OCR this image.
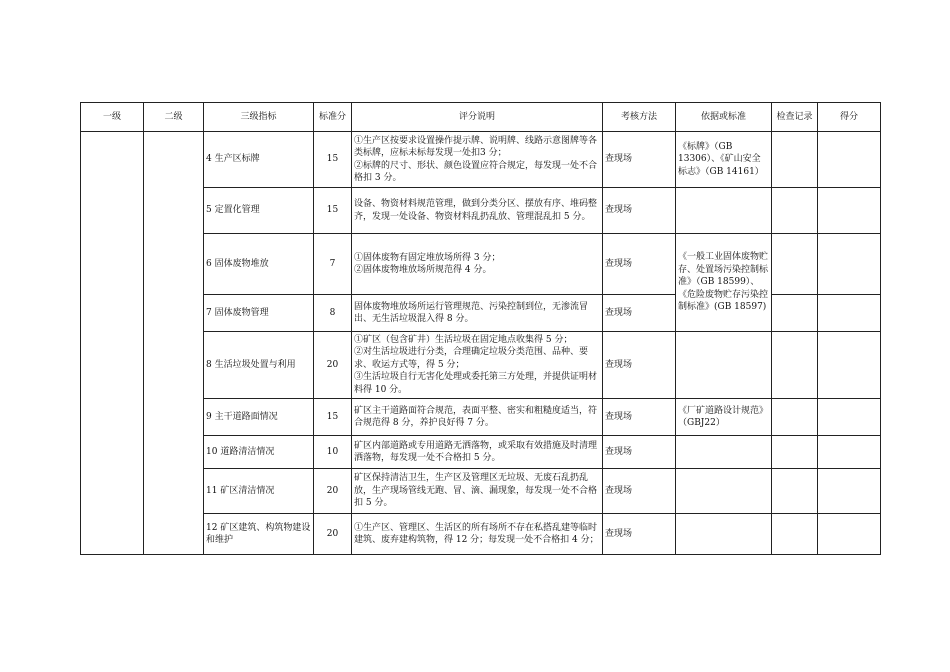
一级	二级	三级指标	标准分	评分说明	考核方法	依据或标准	检查记录	得分
		4 生产区标牌	15	①生产区按要求设置操作提示牌、说明牌、线路示意图牌等各类标牌，应标未标每发现一处扣3 分；
②标牌的尺寸、形状、颜色设置应符合规定，每发现一处不合格扣 3 分。	查现场	《标牌》（GB 13306）、《矿山安全标志》（GB 14161）		
		5 定置化管理	15	设备、物资材料规范管理，做到分类分区、摆放有序、堆码整齐，发现一处设备、物资材料乱扔乱放、管理混乱扣 5 分。	查现场			
		6 固体废物堆放	7	①固体废物有固定堆放场所得 3 分；
②固体废物堆放场所规范得 4 分。	查现场	《一般工业固体废物贮存、处置场污染控制标准》（GB 18599）、《危险废物贮存污染控制标准》(GB 18597)		
		7 固体废物管理	8	固体废物堆放场所运行管理规范、污染控制到位，无渗流冒出、无生活垃圾混入得 8 分。	查现场			
		8 生活垃圾处置与利用	20	①矿区（包含矿井）生活垃圾在固定地点收集得 5 分；
②对生活垃圾进行分类，合理确定垃圾分类范围、品种、要求、收运方式等，得 5 分；
③生活垃圾自行无害化处理或委托第三方处理，并提供证明材料得 10 分。	查现场			
		9 主干道路面情况	15	矿区主干道路面符合规范，表面平整、密实和粗糙度适当，符合规范得 8 分，养护良好得 7 分。	查现场	《厂矿道路设计规范》（GBJ22）		
		10 道路清洁情况	10	矿区内部道路或专用道路无洒落物，或采取有效措施及时清理洒落物，每发现一处不合格扣 5 分。	查现场			
		11 矿区清洁情况	20	矿区保持清洁卫生，生产区及管理区无垃圾、无废石乱扔乱放，生产现场管线无跑、冒、滴、漏现象，每发现一处不合格扣 5 分。	查现场			
		12 矿区建筑、构筑物建设和维护	20	①生产区、管理区、生活区的所有场所不存在私搭乱建等临时建筑、废弃建构筑物，得 12 分；每发现一处不合格扣 4 分；	查现场			
